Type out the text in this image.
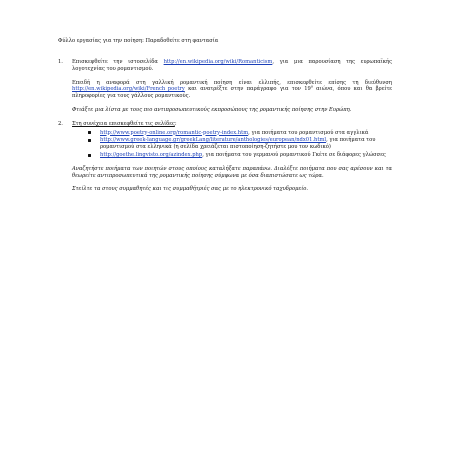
Φύλλο εργασίας για την ποίηση: Παραδοθείτε στη φαντασία

1. Επισκεφθείτε την ιστοσελίδα http://en.wikipedia.org/wiki/Romanticism, για μια παρουσίαση της ευρωπαϊκής λογοτεχνίας του ρομαντισμού.

Επειδή η αναφορά στη γαλλική ρομαντική ποίηση είναι ελλιπής, επισκεφθείτε επίσης τη διεύθυνση http://en.wikipedia.org/wiki/French_poetry και ανατρέξτε στην παράγραφο για τον $19^o$ αιώνα, όπου και θα βρείτε πληροφορίες για τους γάλλους ρομαντικούς.

Φτιάξτε μια λίστα με τους πιο αντιπροσωπευτικούς εκπροσώπους της ρομαντικής ποίησης στην Ευρώπη.

2. Στη συνέχεια επισκεφθείτε τις σελίδες:

http://www.poetry-online.org/romantic-poetry-index.htm, για ποιήματα του ρομαντισμού στα αγγλικά
http://www.greek-language.gr/greekLang/literature/anthologies/european/ndx01.html, για ποιήματα του ρομαντισμού στα ελληνικά (η σελίδα χρειάζεται πιστοποίηση-ζητήστε μου τον κωδικό)
http://goethe.lingvisto.org/azindex.php, για ποιήματα του γερμανού ρομαντικού Γκέτε σε διάφορες γλώσσες

Αναζητήστε ποιήματα των ποιητών στους οποίους καταλήξατε παραπάνω. Διαλέξτε ποιήματα που σας αρέσουν και τα θεωρείτε αντιπροσωπευτικά της ρομαντικής ποίησης σύμφωνα με όσα διαπιστώσατε ως τώρα.

Στείλτε τα στους συμμαθητές και τις συμμαθήτριές σας με το ηλεκτρονικό ταχυδρομείο.
